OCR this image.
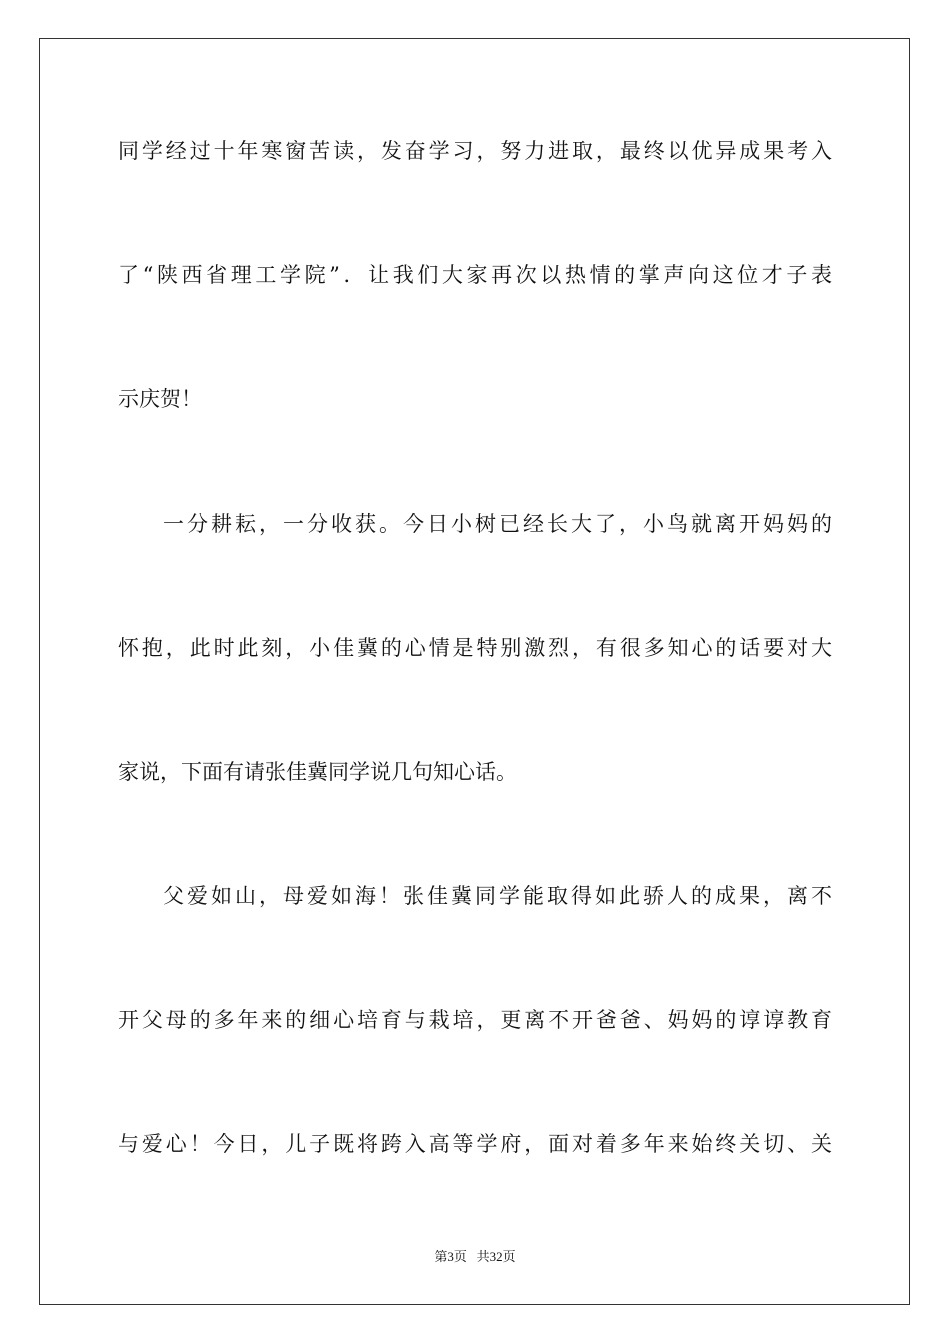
同学经过十年寒窗苦读，发奋学习，努力进取，最终以优异成果考入

了“陕西省理工学院”．让我们大家再次以热情的掌声向这位才子表

示庆贺！

一分耕耘，一分收获。今日小树已经长大了，小鸟就离开妈妈的

怀抱，此时此刻，小佳冀的心情是特别激烈，有很多知心的话要对大

家说，下面有请张佳冀同学说几句知心话。

父爱如山，母爱如海！张佳冀同学能取得如此骄人的成果，离不

开父母的多年来的细心培育与栽培，更离不开爸爸、妈妈的谆谆教育

与爱心！今日，儿子既将跨入高等学府，面对着多年来始终关切、关

第3页 共32页
